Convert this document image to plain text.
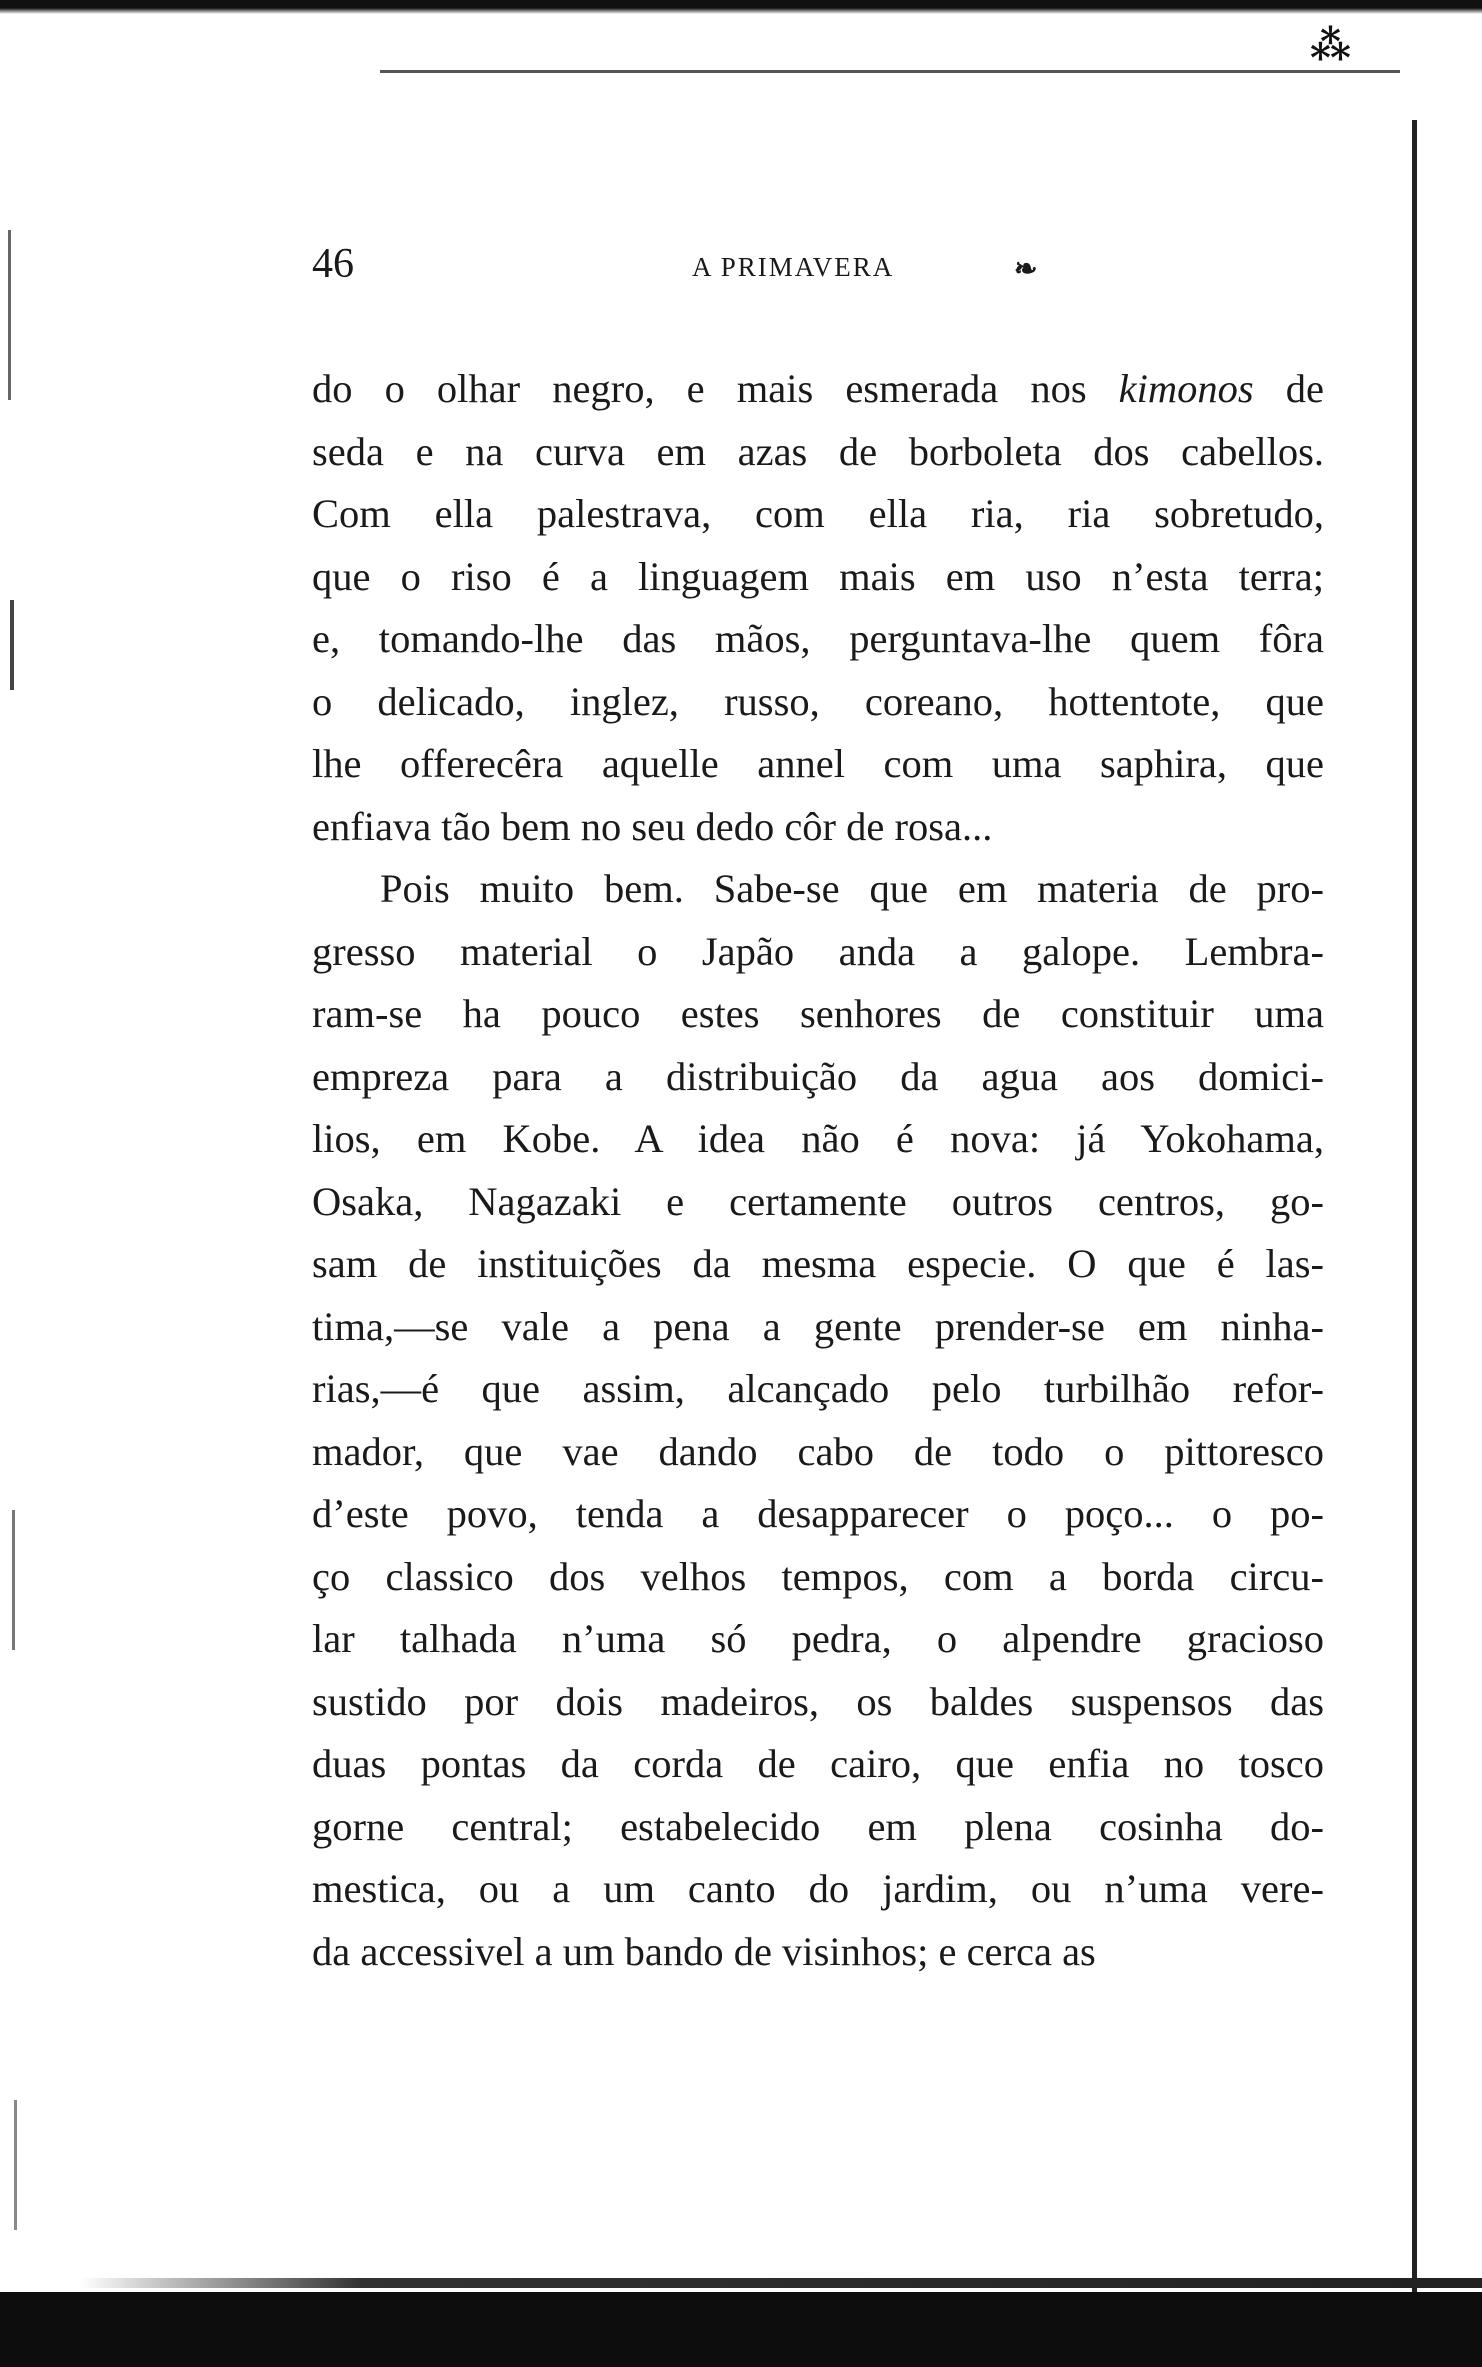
⁂
46	A PRIMAVERA	❧
do o olhar negro, e mais esmerada nos kimonos de
seda e na curva em azas de borboleta dos cabellos.
Com ella palestrava, com ella ria, ria sobretudo,
que o riso é a linguagem mais em uso n’esta terra;
e, tomando-lhe das mãos, perguntava-lhe quem fôra
o delicado, inglez, russo, coreano, hottentote, que
lhe offerecêra aquelle annel com uma saphira, que
enfiava tão bem no seu dedo côr de rosa...
Pois muito bem. Sabe-se que em materia de pro-
gresso material o Japão anda a galope. Lembra-
ram-se ha pouco estes senhores de constituir uma
empreza para a distribuição da agua aos domici-
lios, em Kobe. A idea não é nova: já Yokohama,
Osaka, Nagazaki e certamente outros centros, go-
sam de instituições da mesma especie. O que é las-
tima,—se vale a pena a gente prender-se em ninha-
rias,—é que assim, alcançado pelo turbilhão refor-
mador, que vae dando cabo de todo o pittoresco
d’este povo, tenda a desapparecer o poço... o po-
ço classico dos velhos tempos, com a borda circu-
lar talhada n’uma só pedra, o alpendre gracioso
sustido por dois madeiros, os baldes suspensos das
duas pontas da corda de cairo, que enfia no tosco
gorne central; estabelecido em plena cosinha do-
mestica, ou a um canto do jardim, ou n’uma vere-
da accessivel a um bando de visinhos; e cerca as
